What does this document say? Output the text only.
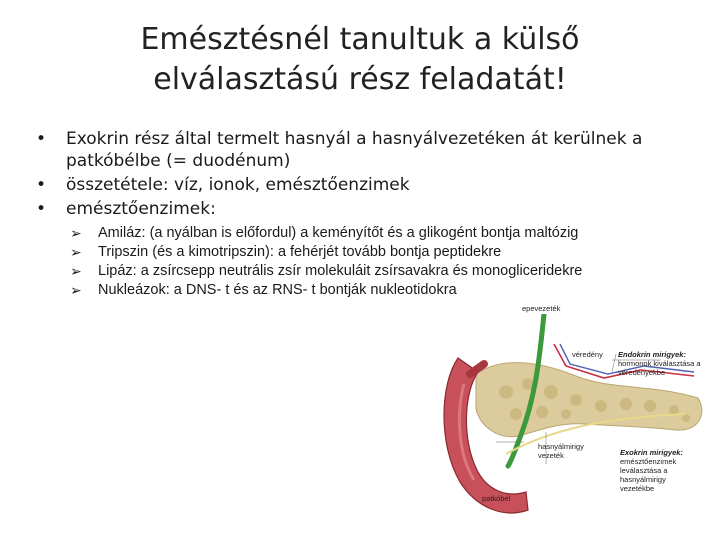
Emésztésnél tanultuk a külső
elválasztású rész feladatát!
• Exokrin rész által termelt hasnyál a hasnyálvezetéken át kerülnek a patkóbélbe (= duodénum)
• összetétele: víz, ionok, emésztőenzimek
• emésztőenzimek:
➢ Amiláz: (a nyálban is előfordul) a keményítőt és a glikogént bontja maltózig
➢ Tripszin (és a kimotripszin): a fehérjét tovább bontja peptidekre
➢ Lipáz: a zsírcsepp neutrális zsír molekuláit zsírsavakra és monogliceridekre
➢ Nukleázok: a DNS- t és az RNS- t bontják nukleotidokra
epevezeték
véredény Endokrin mirigyek:
hormonok kiválasztása a véredényekbe
hasnyálmirigy vezeték	Exokrin mirigyek:
emésztőenzimek leválasztása a hasnyálmirigy vezetékbe
patkóbél
